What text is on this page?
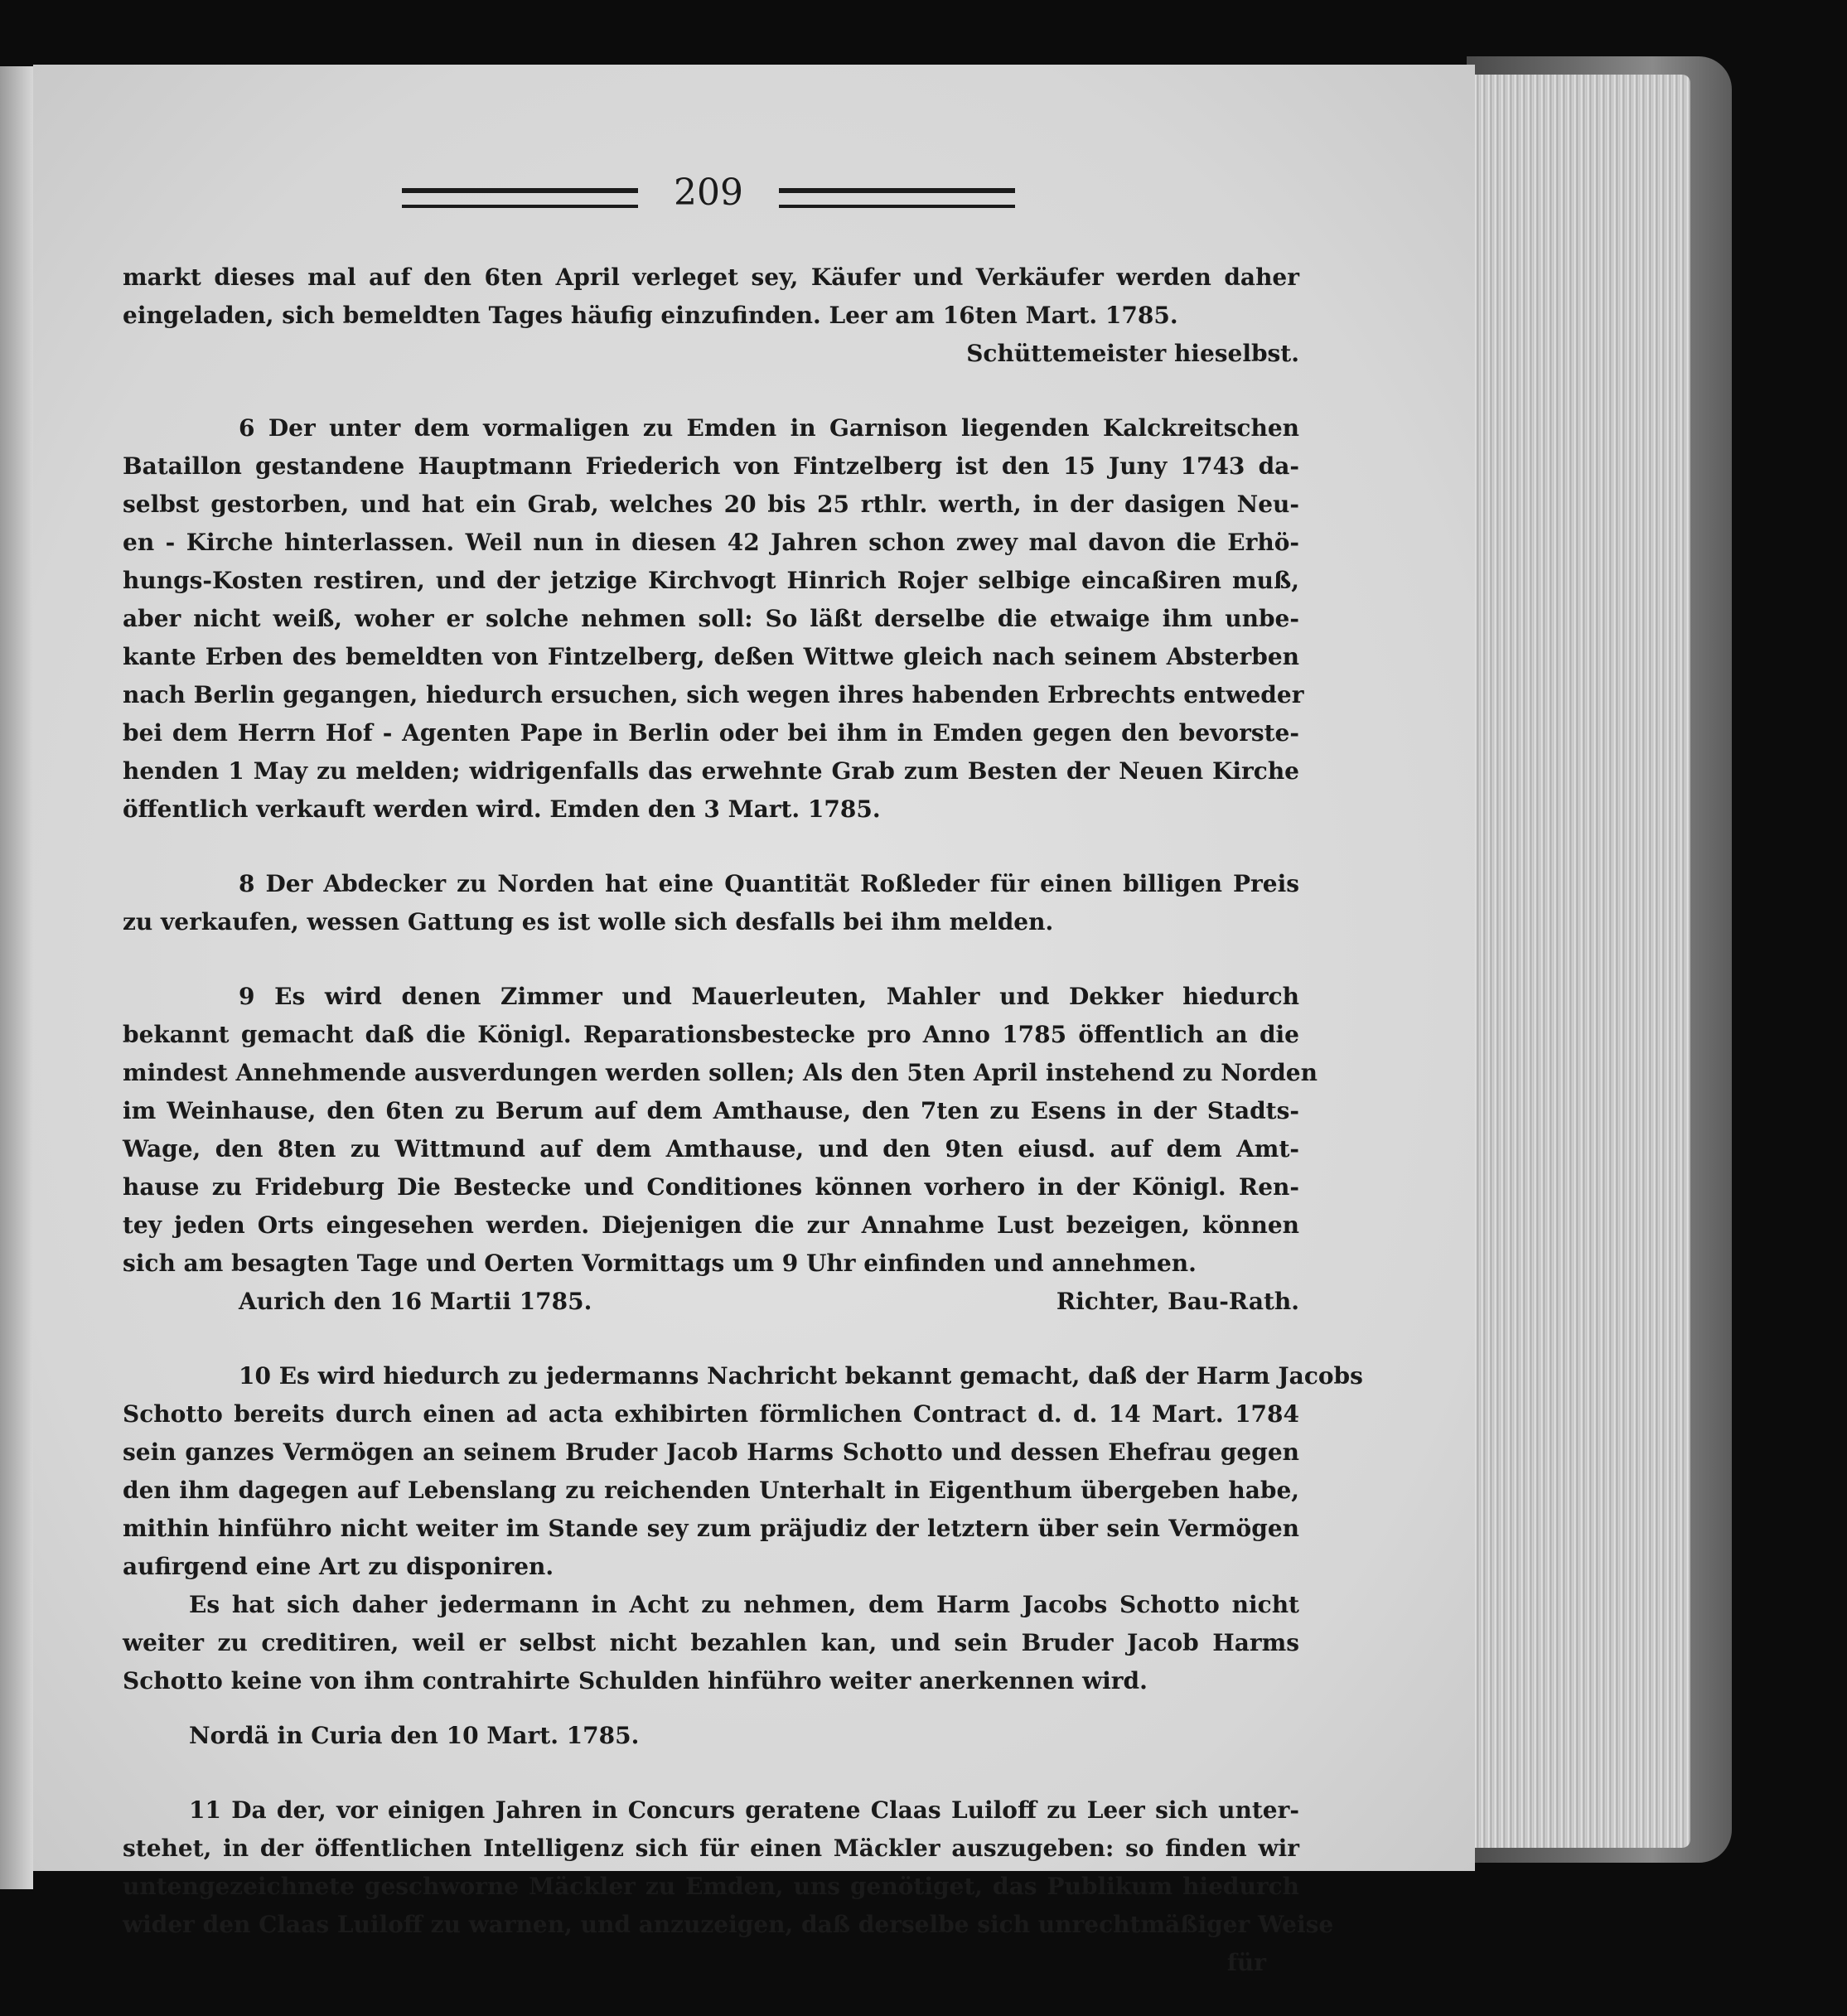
209
markt dieses mal auf den 6ten April verleget sey, Käufer und Verkäufer werden daher
eingeladen, sich bemeldten Tages häufig einzufinden. Leer am 16ten Mart. 1785.
Schüttemeister hieselbst.
6 Der unter dem vormaligen zu Emden in Garnison liegenden Kalckreitschen
Bataillon gestandene Hauptmann Friederich von Fintzelberg ist den 15 Juny 1743 da-
selbst gestorben, und hat ein Grab, welches 20 bis 25 rthlr. werth, in der dasigen Neu-
en - Kirche hinterlassen. Weil nun in diesen 42 Jahren schon zwey mal davon die Erhö-
hungs-Kosten restiren, und der jetzige Kirchvogt Hinrich Rojer selbige eincaßiren muß,
aber nicht weiß, woher er solche nehmen soll: So läßt derselbe die etwaige ihm unbe-
kante Erben des bemeldten von Fintzelberg, deßen Wittwe gleich nach seinem Absterben
nach Berlin gegangen, hiedurch ersuchen, sich wegen ihres habenden Erbrechts entweder
bei dem Herrn Hof - Agenten Pape in Berlin oder bei ihm in Emden gegen den bevorste-
henden 1 May zu melden; widrigenfalls das erwehnte Grab zum Besten der Neuen Kirche
öffentlich verkauft werden wird. Emden den 3 Mart. 1785.
8 Der Abdecker zu Norden hat eine Quantität Roßleder für einen billigen Preis
zu verkaufen, wessen Gattung es ist wolle sich desfalls bei ihm melden.
9 Es wird denen Zimmer und Mauerleuten, Mahler und Dekker hiedurch
bekannt gemacht daß die Königl. Reparationsbestecke pro Anno 1785 öffentlich an die
mindest Annehmende ausverdungen werden sollen; Als den 5ten April instehend zu Norden
im Weinhause, den 6ten zu Berum auf dem Amthause, den 7ten zu Esens in der Stadts-
Wage, den 8ten zu Wittmund auf dem Amthause, und den 9ten eiusd. auf dem Amt-
hause zu Frideburg Die Bestecke und Conditiones können vorhero in der Königl. Ren-
tey jeden Orts eingesehen werden. Diejenigen die zur Annahme Lust bezeigen, können
sich am besagten Tage und Oerten Vormittags um 9 Uhr einfinden und annehmen.
Aurich den 16 Martii 1785.	Richter, Bau-Rath.
10 Es wird hiedurch zu jedermanns Nachricht bekannt gemacht, daß der Harm Jacobs
Schotto bereits durch einen ad acta exhibirten förmlichen Contract d. d. 14 Mart. 1784
sein ganzes Vermögen an seinem Bruder Jacob Harms Schotto und dessen Ehefrau gegen
den ihm dagegen auf Lebenslang zu reichenden Unterhalt in Eigenthum übergeben habe,
mithin hinführo nicht weiter im Stande sey zum präjudiz der letztern über sein Vermögen
aufirgend eine Art zu disponiren.
Es hat sich daher jedermann in Acht zu nehmen, dem Harm Jacobs Schotto nicht
weiter zu creditiren, weil er selbst nicht bezahlen kan, und sein Bruder Jacob Harms
Schotto keine von ihm contrahirte Schulden hinführo weiter anerkennen wird.
Nordä in Curia den 10 Mart. 1785.
11 Da der, vor einigen Jahren in Concurs geratene Claas Luiloff zu Leer sich unter-
stehet, in der öffentlichen Intelligenz sich für einen Mäckler auszugeben: so finden wir
untengezeichnete geschworne Mäckler zu Emden, uns genötiget, das Publikum hiedurch
wider den Claas Luiloff zu warnen, und anzuzeigen, daß derselbe sich unrechtmäßiger Weise
für
